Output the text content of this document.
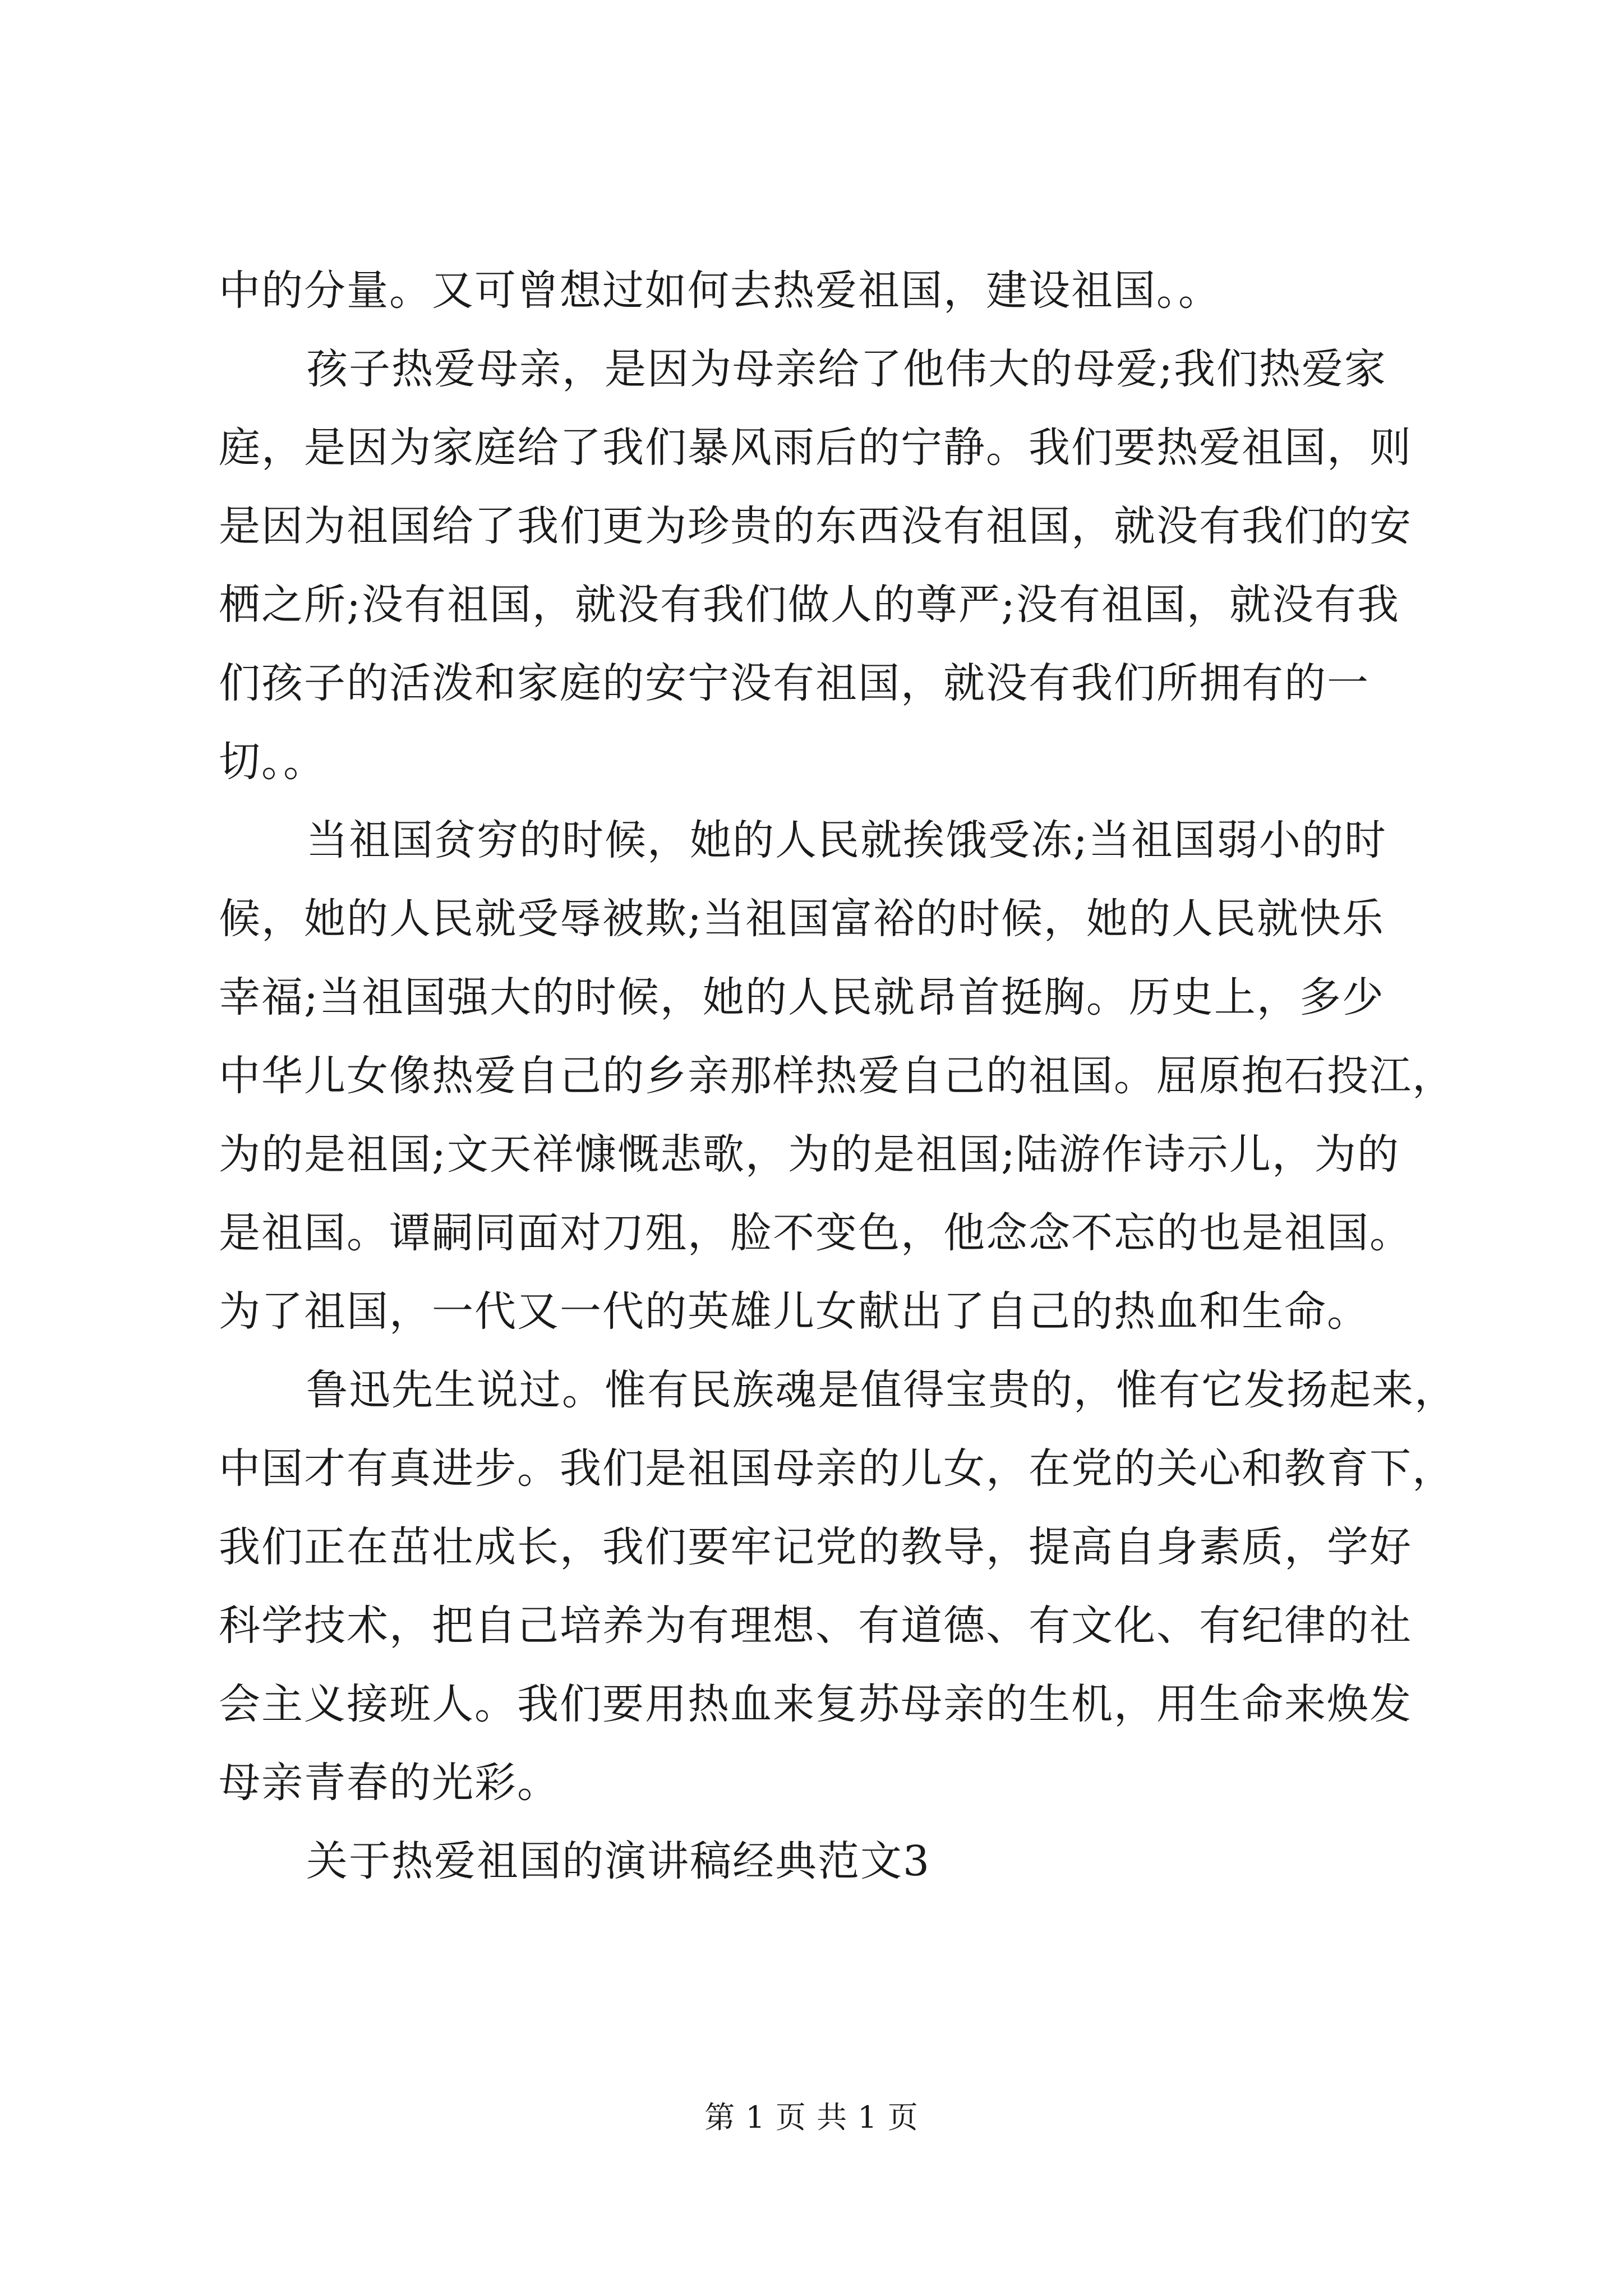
中的分量。又可曾想过如何去热爱祖国，建设祖国。。
孩子热爱母亲，是因为母亲给了他伟大的母爱;我们热爱家
庭，是因为家庭给了我们暴风雨后的宁静。我们要热爱祖国，则
是因为祖国给了我们更为珍贵的东西没有祖国，就没有我们的安
栖之所;没有祖国，就没有我们做人的尊严;没有祖国，就没有我
们孩子的活泼和家庭的安宁没有祖国，就没有我们所拥有的一
切。。
当祖国贫穷的时候，她的人民就挨饿受冻;当祖国弱小的时
候，她的人民就受辱被欺;当祖国富裕的时候，她的人民就快乐
幸福;当祖国强大的时候，她的人民就昂首挺胸。历史上，多少
中华儿女像热爱自己的乡亲那样热爱自己的祖国。屈原抱石投江，
为的是祖国;文天祥慷慨悲歌，为的是祖国;陆游作诗示儿，为的
是祖国。谭嗣同面对刀殂，脸不变色，他念念不忘的也是祖国。
为了祖国，一代又一代的英雄儿女献出了自己的热血和生命。
鲁迅先生说过。惟有民族魂是值得宝贵的，惟有它发扬起来，
中国才有真进步。我们是祖国母亲的儿女，在党的关心和教育下，
我们正在茁壮成长，我们要牢记党的教导，提高自身素质，学好
科学技术，把自己培养为有理想、有道德、有文化、有纪律的社
会主义接班人。我们要用热血来复苏母亲的生机，用生命来焕发
母亲青春的光彩。
关于热爱祖国的演讲稿经典范文3
第 1 页 共 1 页
